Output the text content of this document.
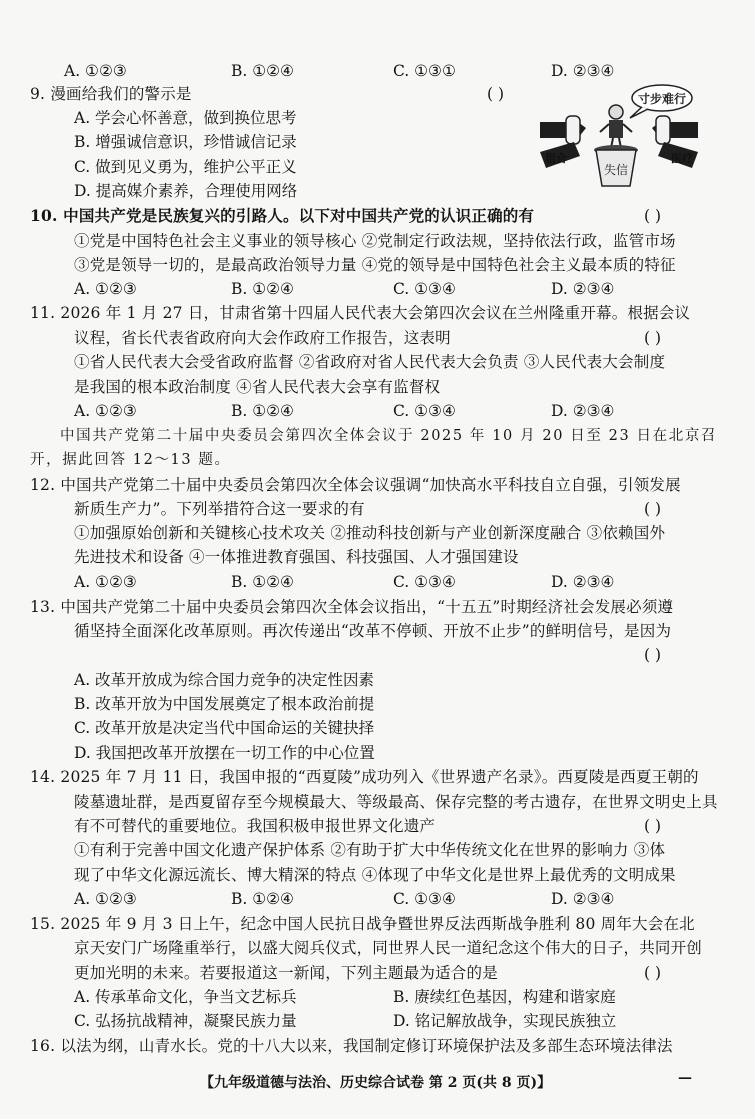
A. ①②③	B. ①②④	C. ①③①	D. ②③④
9. 漫画给我们的警示是	( )
A. 学会心怀善意，做到换位思考
B. 增强诚信意识，珍惜诚信记录
C. 做到见义勇为，维护公平正义
D. 提高媒介素养，合理使用网络
寸步难行
失信
租合	医疗
10. 中国共产党是民族复兴的引路人。以下对中国共产党的认识正确的有	( )
①党是中国特色社会主义事业的领导核心 ②党制定行政法规，坚持依法行政，监管市场
③党是领导一切的，是最高政治领导力量 ④党的领导是中国特色社会主义最本质的特征
A. ①②③	B. ①②④	C. ①③④	D. ②③④
11. 2026 年 1 月 27 日，甘肃省第十四届人民代表大会第四次会议在兰州隆重开幕。根据会议
议程，省长代表省政府向大会作政府工作报告，这表明	( )
①省人民代表大会受省政府监督 ②省政府对省人民代表大会负责 ③人民代表大会制度
是我国的根本政治制度 ④省人民代表大会享有监督权
A. ①②③	B. ①②④	C. ①③④	D. ②③④
中国共产党第二十届中央委员会第四次全体会议于 2025 年 10 月 20 日至 23 日在北京召
开，据此回答 12～13 题。
12. 中国共产党第二十届中央委员会第四次全体会议强调“加快高水平科技自立自强，引领发展
新质生产力”。下列举措符合这一要求的有	( )
①加强原始创新和关键核心技术攻关 ②推动科技创新与产业创新深度融合 ③依赖国外
先进技术和设备 ④一体推进教育强国、科技强国、人才强国建设
A. ①②③	B. ①②④	C. ①③④	D. ②③④
13. 中国共产党第二十届中央委员会第四次全体会议指出，“十五五”时期经济社会发展必须遵
循坚持全面深化改革原则。再次传递出“改革不停顿、开放不止步”的鲜明信号，是因为
( )
A. 改革开放成为综合国力竞争的决定性因素
B. 改革开放为中国发展奠定了根本政治前提
C. 改革开放是决定当代中国命运的关键抉择
D. 我国把改革开放摆在一切工作的中心位置
14. 2025 年 7 月 11 日，我国申报的“西夏陵”成功列入《世界遗产名录》。西夏陵是西夏王朝的
陵墓遗址群，是西夏留存至今规模最大、等级最高、保存完整的考古遗存，在世界文明史上具
有不可替代的重要地位。我国积极申报世界文化遗产	( )
①有利于完善中国文化遗产保护体系 ②有助于扩大中华传统文化在世界的影响力 ③体
现了中华文化源远流长、博大精深的特点 ④体现了中华文化是世界上最优秀的文明成果
A. ①②③	B. ①②④	C. ①③④	D. ②③④
15. 2025 年 9 月 3 日上午，纪念中国人民抗日战争暨世界反法西斯战争胜利 80 周年大会在北
京天安门广场隆重举行，以盛大阅兵仪式，同世界人民一道纪念这个伟大的日子，共同开创
更加光明的未来。若要报道这一新闻，下列主题最为适合的是	( )
A. 传承革命文化，争当文艺标兵	B. 赓续红色基因，构建和谐家庭
C. 弘扬抗战精神，凝聚民族力量	D. 铭记解放战争，实现民族独立
16. 以法为纲，山青水长。党的十八大以来，我国制定修订环境保护法及多部生态环境法律法
【九年级道德与法治、历史综合试卷 第 2 页(共 8 页)】	—
